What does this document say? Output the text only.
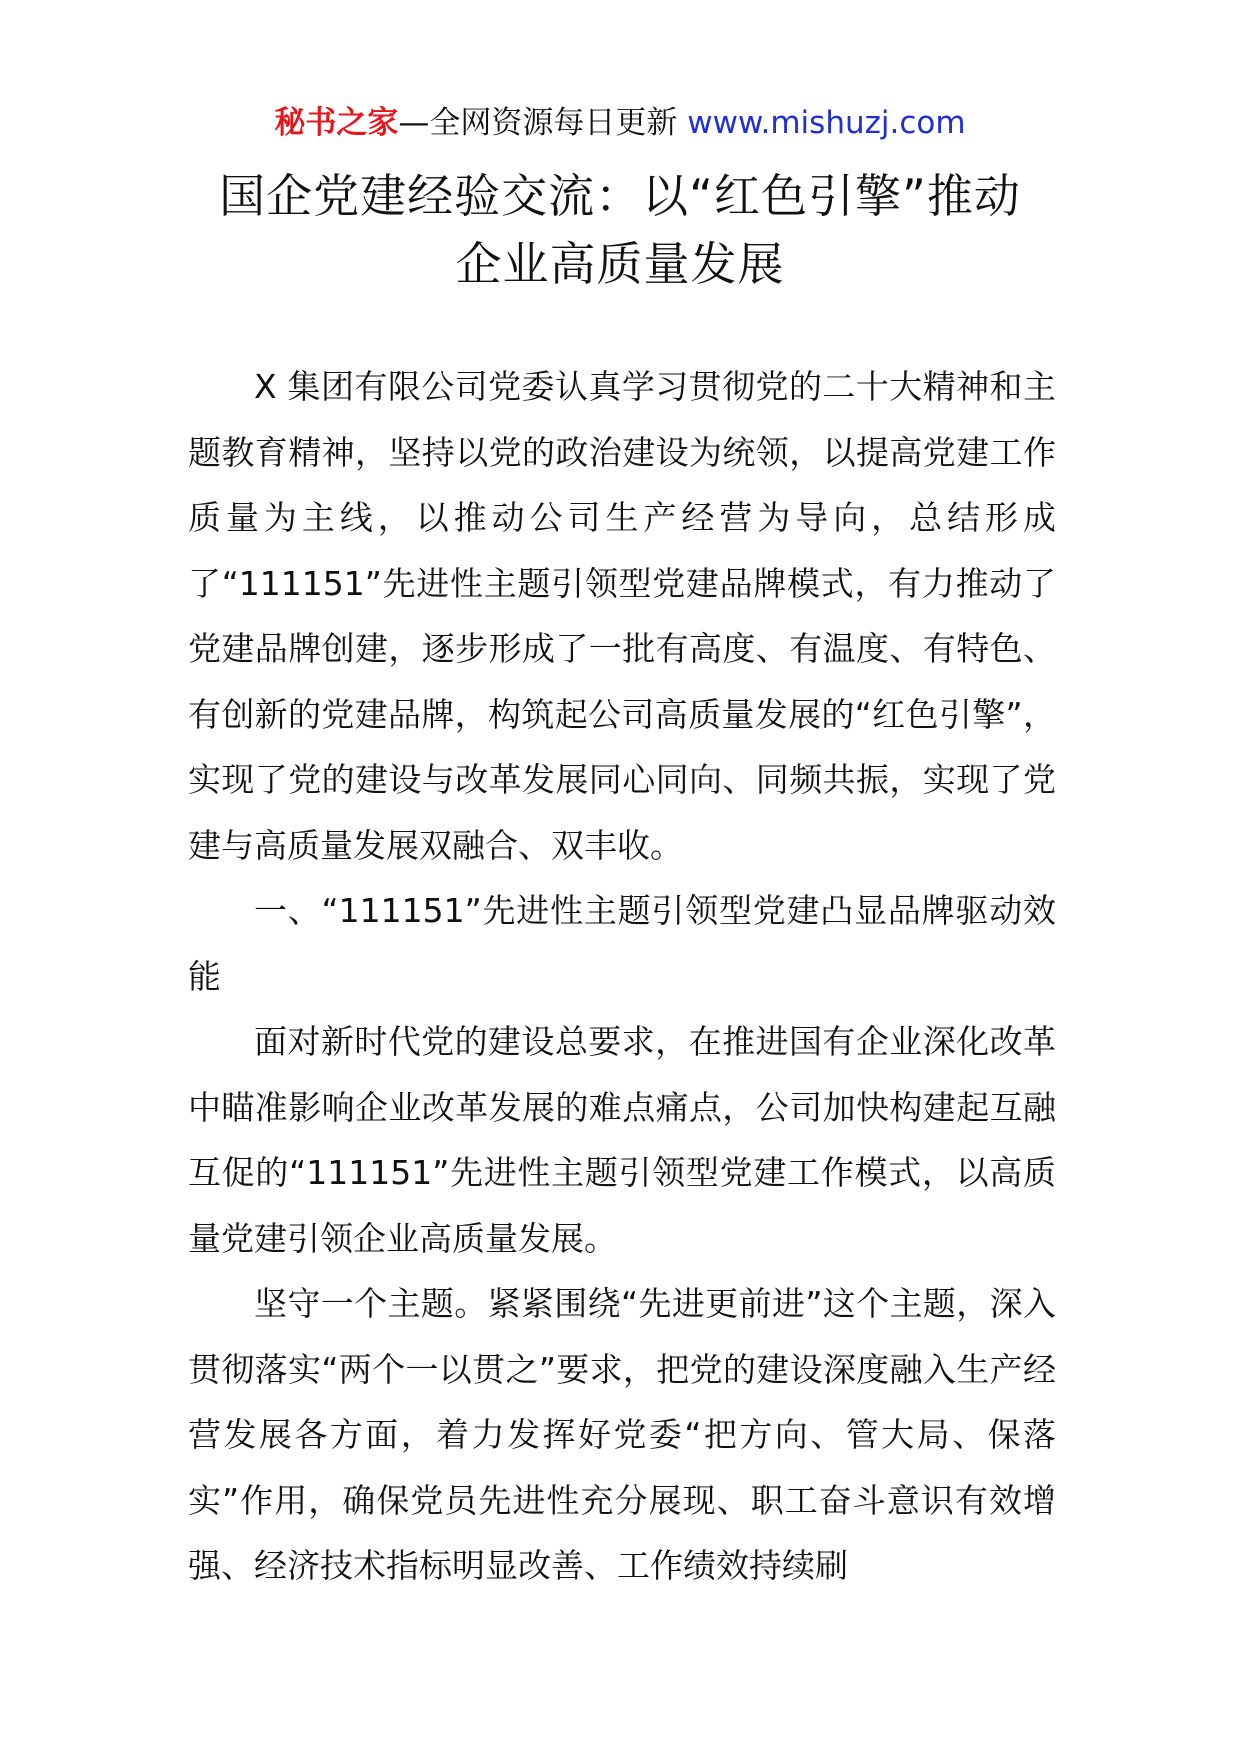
秘书之家—全网资源每日更新 www.mishuzj.com
国企党建经验交流：以“红色引擎”推动
企业高质量发展

X 集团有限公司党委认真学习贯彻党的二十大精神和主题教育精神，坚持以党的政治建设为统领，以提高党建工作质量为主线，以推动公司生产经营为导向，总结形成了“111151”先进性主题引领型党建品牌模式，有力推动了党建品牌创建，逐步形成了一批有高度、有温度、有特色、有创新的党建品牌，构筑起公司高质量发展的“红色引擎”，实现了党的建设与改革发展同心同向、同频共振，实现了党建与高质量发展双融合、双丰收。

一、“111151”先进性主题引领型党建凸显品牌驱动效能

面对新时代党的建设总要求，在推进国有企业深化改革中瞄准影响企业改革发展的难点痛点，公司加快构建起互融互促的“111151”先进性主题引领型党建工作模式，以高质量党建引领企业高质量发展。

坚守一个主题。紧紧围绕“先进更前进”这个主题，深入贯彻落实“两个一以贯之”要求，把党的建设深度融入生产经营发展各方面，着力发挥好党委“把方向、管大局、保落实”作用，确保党员先进性充分展现、职工奋斗意识有效增强、经济技术指标明显改善、工作绩效持续刷
